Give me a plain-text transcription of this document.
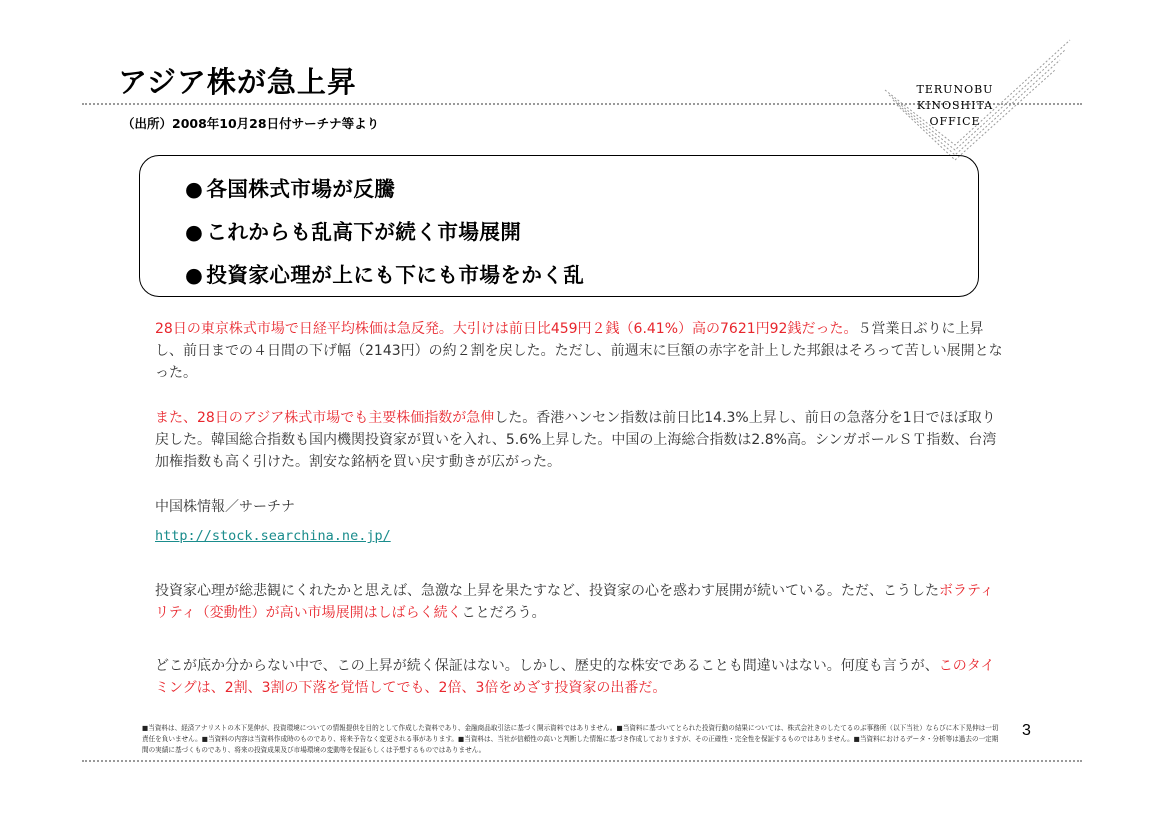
アジア株が急上昇
（出所）2008年10月28日付サーチナ等より
TERUNOBU
KINOSHITA
OFFICE
● 各国株式市場が反騰
● これからも乱高下が続く市場展開
● 投資家心理が上にも下にも市場をかく乱
28日の東京株式市場で日経平均株価は急反発。大引けは前日比459円２銭（6.41%）高の7621円92銭だった。５営業日ぶりに上昇し、前日までの４日間の下げ幅（2143円）の約２割を戻した。ただし、前週末に巨額の赤字を計上した邦銀はそろって苦しい展開となった。
また、28日のアジア株式市場でも主要株価指数が急伸した。香港ハンセン指数は前日比14.3%上昇し、前日の急落分を1日でほぼ取り戻した。韓国総合指数も国内機関投資家が買いを入れ、5.6%上昇した。中国の上海総合指数は2.8%高。シンガポールＳＴ指数、台湾加権指数も高く引けた。割安な銘柄を買い戻す動きが広がった。
中国株情報／サーチナ
http://stock.searchina.ne.jp/
投資家心理が総悲観にくれたかと思えば、急激な上昇を果たすなど、投資家の心を惑わす展開が続いている。ただ、こうしたボラティリティ（変動性）が高い市場展開はしばらく続くことだろう。
どこが底か分からない中で、この上昇が続く保証はない。しかし、歴史的な株安であることも間違いはない。何度も言うが、このタイミングは、2割、3割の下落を覚悟してでも、2倍、3倍をめざす投資家の出番だ。
■当資料は、経済アナリストの木下晃伸が、投資環境についての情報提供を目的として作成した資料であり、金融商品取引法に基づく開示資料ではありません。■当資料に基づいてとられた投資行動の結果については、株式会社きのしたてるのぶ事務所（以下当社）ならびに木下晃伸は一切責任を負いません。■当資料の内容は当資料作成時のものであり、将来予告なく変更される事があります。■当資料は、当社が信頼性の高いと判断した情報に基づき作成しておりますが、その正確性・完全性を保証するものではありません。■当資料におけるデータ・分析等は過去の一定期間の実績に基づくものであり、将来の投資成果及び市場環境の変動等を保証もしくは予想するものではありません。
3
